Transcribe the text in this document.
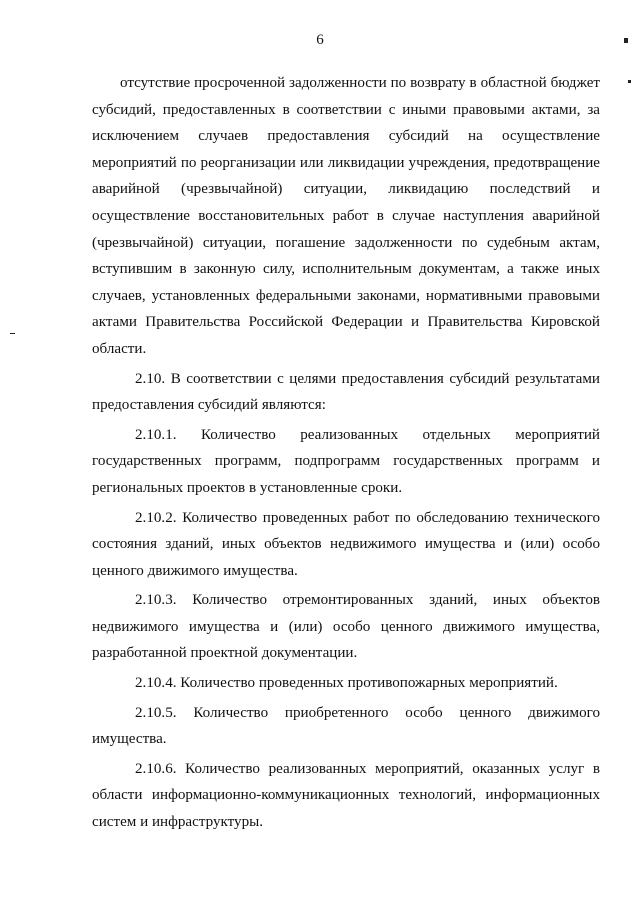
6

отсутствие просроченной задолженности по возврату в областной бюджет субсидий, предоставленных в соответствии с иными правовыми актами, за исключением случаев предоставления субсидий на осуществление мероприятий по реорганизации или ликвидации учреждения, предотвращение аварийной (чрезвычайной) ситуации, ликвидацию последствий и осуществление восстановительных работ в случае наступления аварийной (чрезвычайной) ситуации, погашение задолженности по судебным актам, вступившим в законную силу, исполнительным документам, а также иных случаев, установленных федеральными законами, нормативными правовыми актами Правительства Российской Федерации и Правительства Кировской области.

2.10. В соответствии с целями предоставления субсидий результатами предоставления субсидий являются:

2.10.1. Количество реализованных отдельных мероприятий государственных программ, подпрограмм государственных программ и региональных проектов в установленные сроки.

2.10.2. Количество проведенных работ по обследованию технического состояния зданий, иных объектов недвижимого имущества и (или) особо ценного движимого имущества.

2.10.3. Количество отремонтированных зданий, иных объектов недвижимого имущества и (или) особо ценного движимого имущества, разработанной проектной документации.

2.10.4. Количество проведенных противопожарных мероприятий.

2.10.5. Количество приобретенного особо ценного движимого имущества.

2.10.6. Количество реализованных мероприятий, оказанных услуг в области информационно-коммуникационных технологий, информационных систем и инфраструктуры.
